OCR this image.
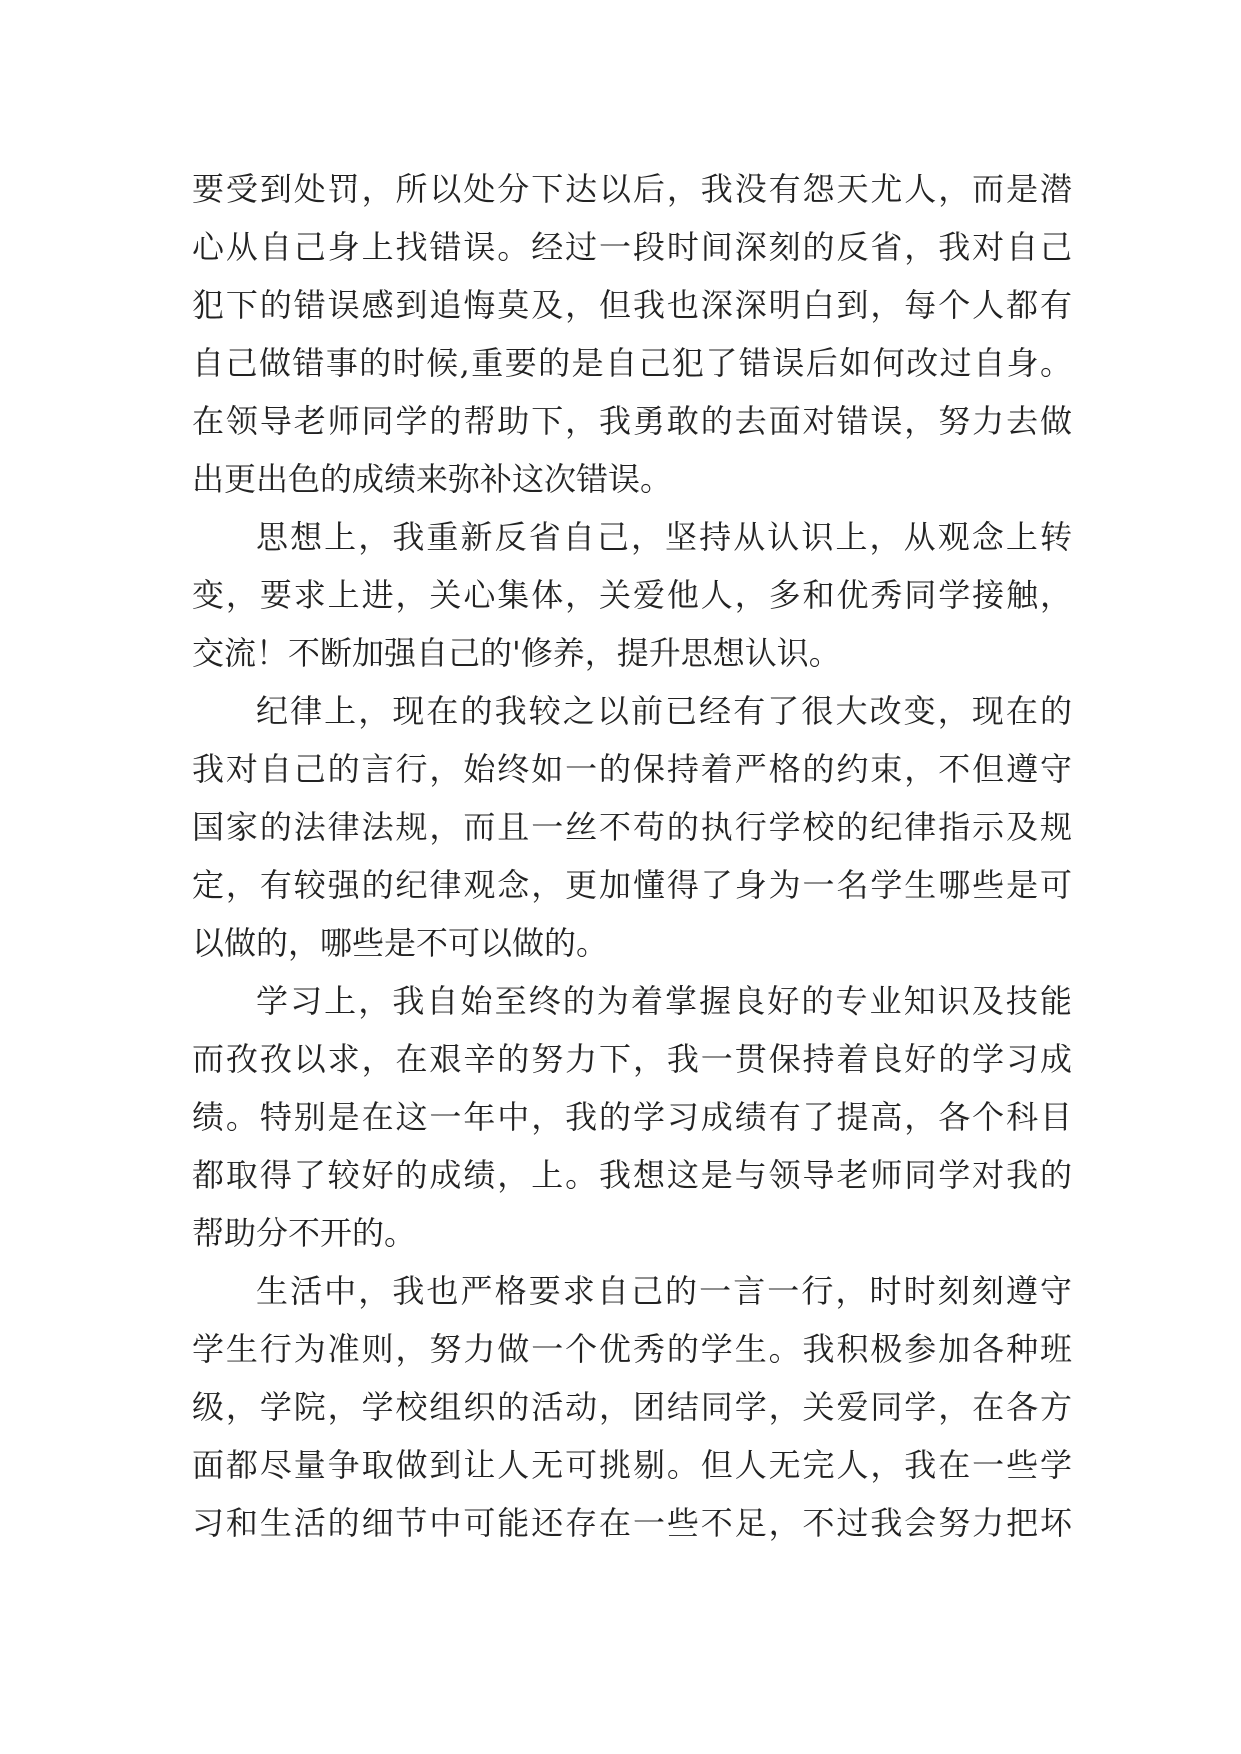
要受到处罚，所以处分下达以后，我没有怨天尤人，而是潜
心从自己身上找错误。经过一段时间深刻的反省，我对自己
犯下的错误感到追悔莫及，但我也深深明白到，每个人都有
自己做错事的时候,重要的是自己犯了错误后如何改过自身。
在领导老师同学的帮助下，我勇敢的去面对错误，努力去做
出更出色的成绩来弥补这次错误。
思想上，我重新反省自己，坚持从认识上，从观念上转
变，要求上进，关心集体，关爱他人，多和优秀同学接触，
交流！不断加强自己的'修养，提升思想认识。
纪律上，现在的我较之以前已经有了很大改变，现在的
我对自己的言行，始终如一的保持着严格的约束，不但遵守
国家的法律法规，而且一丝不苟的执行学校的纪律指示及规
定，有较强的纪律观念，更加懂得了身为一名学生哪些是可
以做的，哪些是不可以做的。
学习上，我自始至终的为着掌握良好的专业知识及技能
而孜孜以求，在艰辛的努力下，我一贯保持着良好的学习成
绩。特别是在这一年中，我的学习成绩有了提高，各个科目
都取得了较好的成绩，上。我想这是与领导老师同学对我的
帮助分不开的。
生活中，我也严格要求自己的一言一行，时时刻刻遵守
学生行为准则，努力做一个优秀的学生。我积极参加各种班
级，学院，学校组织的活动，团结同学，关爱同学，在各方
面都尽量争取做到让人无可挑剔。但人无完人，我在一些学
习和生活的细节中可能还存在一些不足，不过我会努力把坏
